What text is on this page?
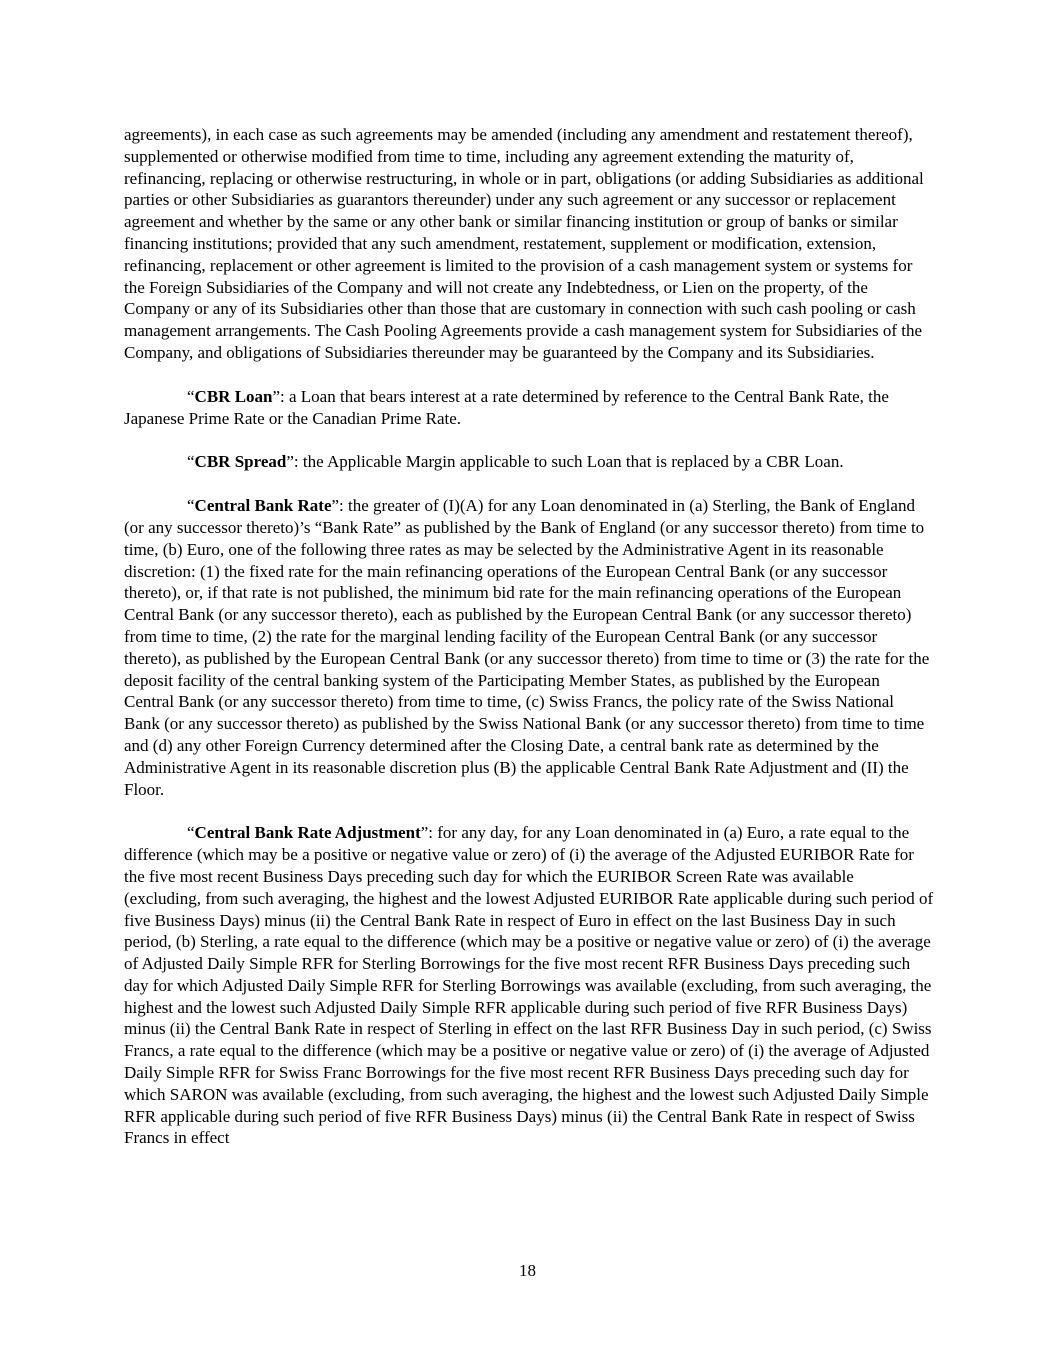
agreements), in each case as such agreements may be amended (including any amendment and restatement thereof), supplemented or otherwise modified from time to time, including any agreement extending the maturity of, refinancing, replacing or otherwise restructuring, in whole or in part, obligations (or adding Subsidiaries as additional parties or other Subsidiaries as guarantors thereunder) under any such agreement or any successor or replacement agreement and whether by the same or any other bank or similar financing institution or group of banks or similar financing institutions; provided that any such amendment, restatement, supplement or modification, extension, refinancing, replacement or other agreement is limited to the provision of a cash management system or systems for the Foreign Subsidiaries of the Company and will not create any Indebtedness, or Lien on the property, of the Company or any of its Subsidiaries other than those that are customary in connection with such cash pooling or cash management arrangements. The Cash Pooling Agreements provide a cash management system for Subsidiaries of the Company, and obligations of Subsidiaries thereunder may be guaranteed by the Company and its Subsidiaries.

“CBR Loan”: a Loan that bears interest at a rate determined by reference to the Central Bank Rate, the Japanese Prime Rate or the Canadian Prime Rate.

“CBR Spread”: the Applicable Margin applicable to such Loan that is replaced by a CBR Loan.

“Central Bank Rate”: the greater of (I)(A) for any Loan denominated in (a) Sterling, the Bank of England (or any successor thereto)’s “Bank Rate” as published by the Bank of England (or any successor thereto) from time to time, (b) Euro, one of the following three rates as may be selected by the Administrative Agent in its reasonable discretion: (1) the fixed rate for the main refinancing operations of the European Central Bank (or any successor thereto), or, if that rate is not published, the minimum bid rate for the main refinancing operations of the European Central Bank (or any successor thereto), each as published by the European Central Bank (or any successor thereto) from time to time, (2) the rate for the marginal lending facility of the European Central Bank (or any successor thereto), as published by the European Central Bank (or any successor thereto) from time to time or (3) the rate for the deposit facility of the central banking system of the Participating Member States, as published by the European Central Bank (or any successor thereto) from time to time, (c) Swiss Francs, the policy rate of the Swiss National Bank (or any successor thereto) as published by the Swiss National Bank (or any successor thereto) from time to time and (d) any other Foreign Currency determined after the Closing Date, a central bank rate as determined by the Administrative Agent in its reasonable discretion plus (B) the applicable Central Bank Rate Adjustment and (II) the Floor.

“Central Bank Rate Adjustment”: for any day, for any Loan denominated in (a) Euro, a rate equal to the difference (which may be a positive or negative value or zero) of (i) the average of the Adjusted EURIBOR Rate for the five most recent Business Days preceding such day for which the EURIBOR Screen Rate was available (excluding, from such averaging, the highest and the lowest Adjusted EURIBOR Rate applicable during such period of five Business Days) minus (ii) the Central Bank Rate in respect of Euro in effect on the last Business Day in such period, (b) Sterling, a rate equal to the difference (which may be a positive or negative value or zero) of (i) the average of Adjusted Daily Simple RFR for Sterling Borrowings for the five most recent RFR Business Days preceding such day for which Adjusted Daily Simple RFR for Sterling Borrowings was available (excluding, from such averaging, the highest and the lowest such Adjusted Daily Simple RFR applicable during such period of five RFR Business Days) minus (ii) the Central Bank Rate in respect of Sterling in effect on the last RFR Business Day in such period, (c) Swiss Francs, a rate equal to the difference (which may be a positive or negative value or zero) of (i) the average of Adjusted Daily Simple RFR for Swiss Franc Borrowings for the five most recent RFR Business Days preceding such day for which SARON was available (excluding, from such averaging, the highest and the lowest such Adjusted Daily Simple RFR applicable during such period of five RFR Business Days) minus (ii) the Central Bank Rate in respect of Swiss Francs in effect

18
